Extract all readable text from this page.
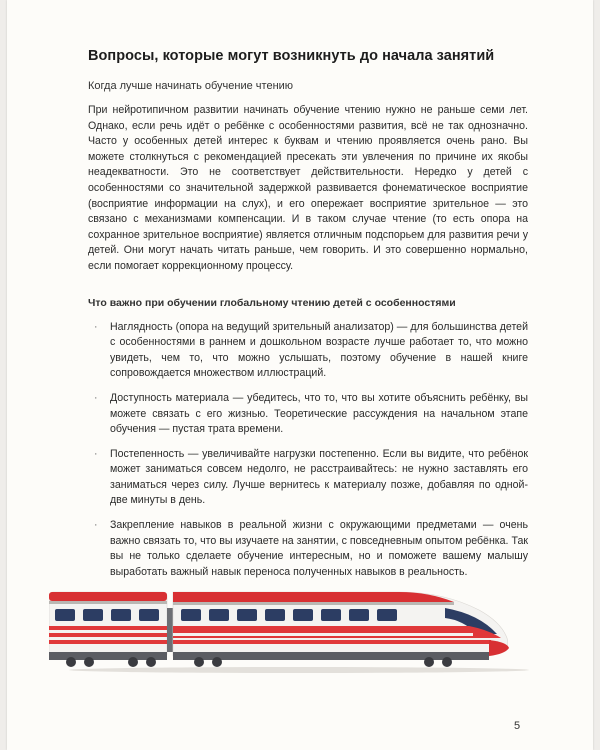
Вопросы, которые могут возникнуть до начала занятий
Когда лучше начинать обучение чтению

При нейротипичном развитии начинать обучение чтению нужно не раньше семи лет. Однако, если речь идёт о ребёнке с особенностями развития, всё не так однозначно. Часто у особенных детей интерес к буквам и чтению проявляется очень рано. Вы можете столкнуться с рекомендацией пресекать эти увлечения по причине их якобы неадекватности. Это не соответствует действительности. Нередко у детей с особенностями со значительной задержкой развивается фонематическое восприятие (восприятие информации на слух), и его опережает восприятие зрительное — это связано с механизмами компенсации. И в таком случае чтение (то есть опора на сохранное зрительное восприятие) является отличным подспорьем для развития речи у детей. Они могут начать читать раньше, чем говорить. И это совершенно нормально, если помогает коррекционному процессу.

Что важно при обучении глобальному чтению детей с особенностями
· Наглядность (опора на ведущий зрительный анализатор) — для большинства детей с особенностями в раннем и дошкольном возрасте лучше работает то, что можно увидеть, чем то, что можно услышать, поэтому обучение в нашей книге сопровождается множеством иллюстраций.
· Доступность материала — убедитесь, что то, что вы хотите объяснить ребёнку, вы можете связать с его жизнью. Теоретические рассуждения на начальном этапе обучения — пустая трата времени.
· Постепенность — увеличивайте нагрузки постепенно. Если вы видите, что ребёнок может заниматься совсем недолго, не расстраивайтесь: не нужно заставлять его заниматься через силу. Лучше вернитесь к материалу позже, добавляя по одной-две минуты в день.
· Закрепление навыков в реальной жизни с окружающими предметами — очень важно связать то, что вы изучаете на занятии, с повседневным опытом ребёнка. Так вы не только сделаете обучение интересным, но и поможете вашему малышу выработать важный навык переноса полученных навыков в реальность.
5
